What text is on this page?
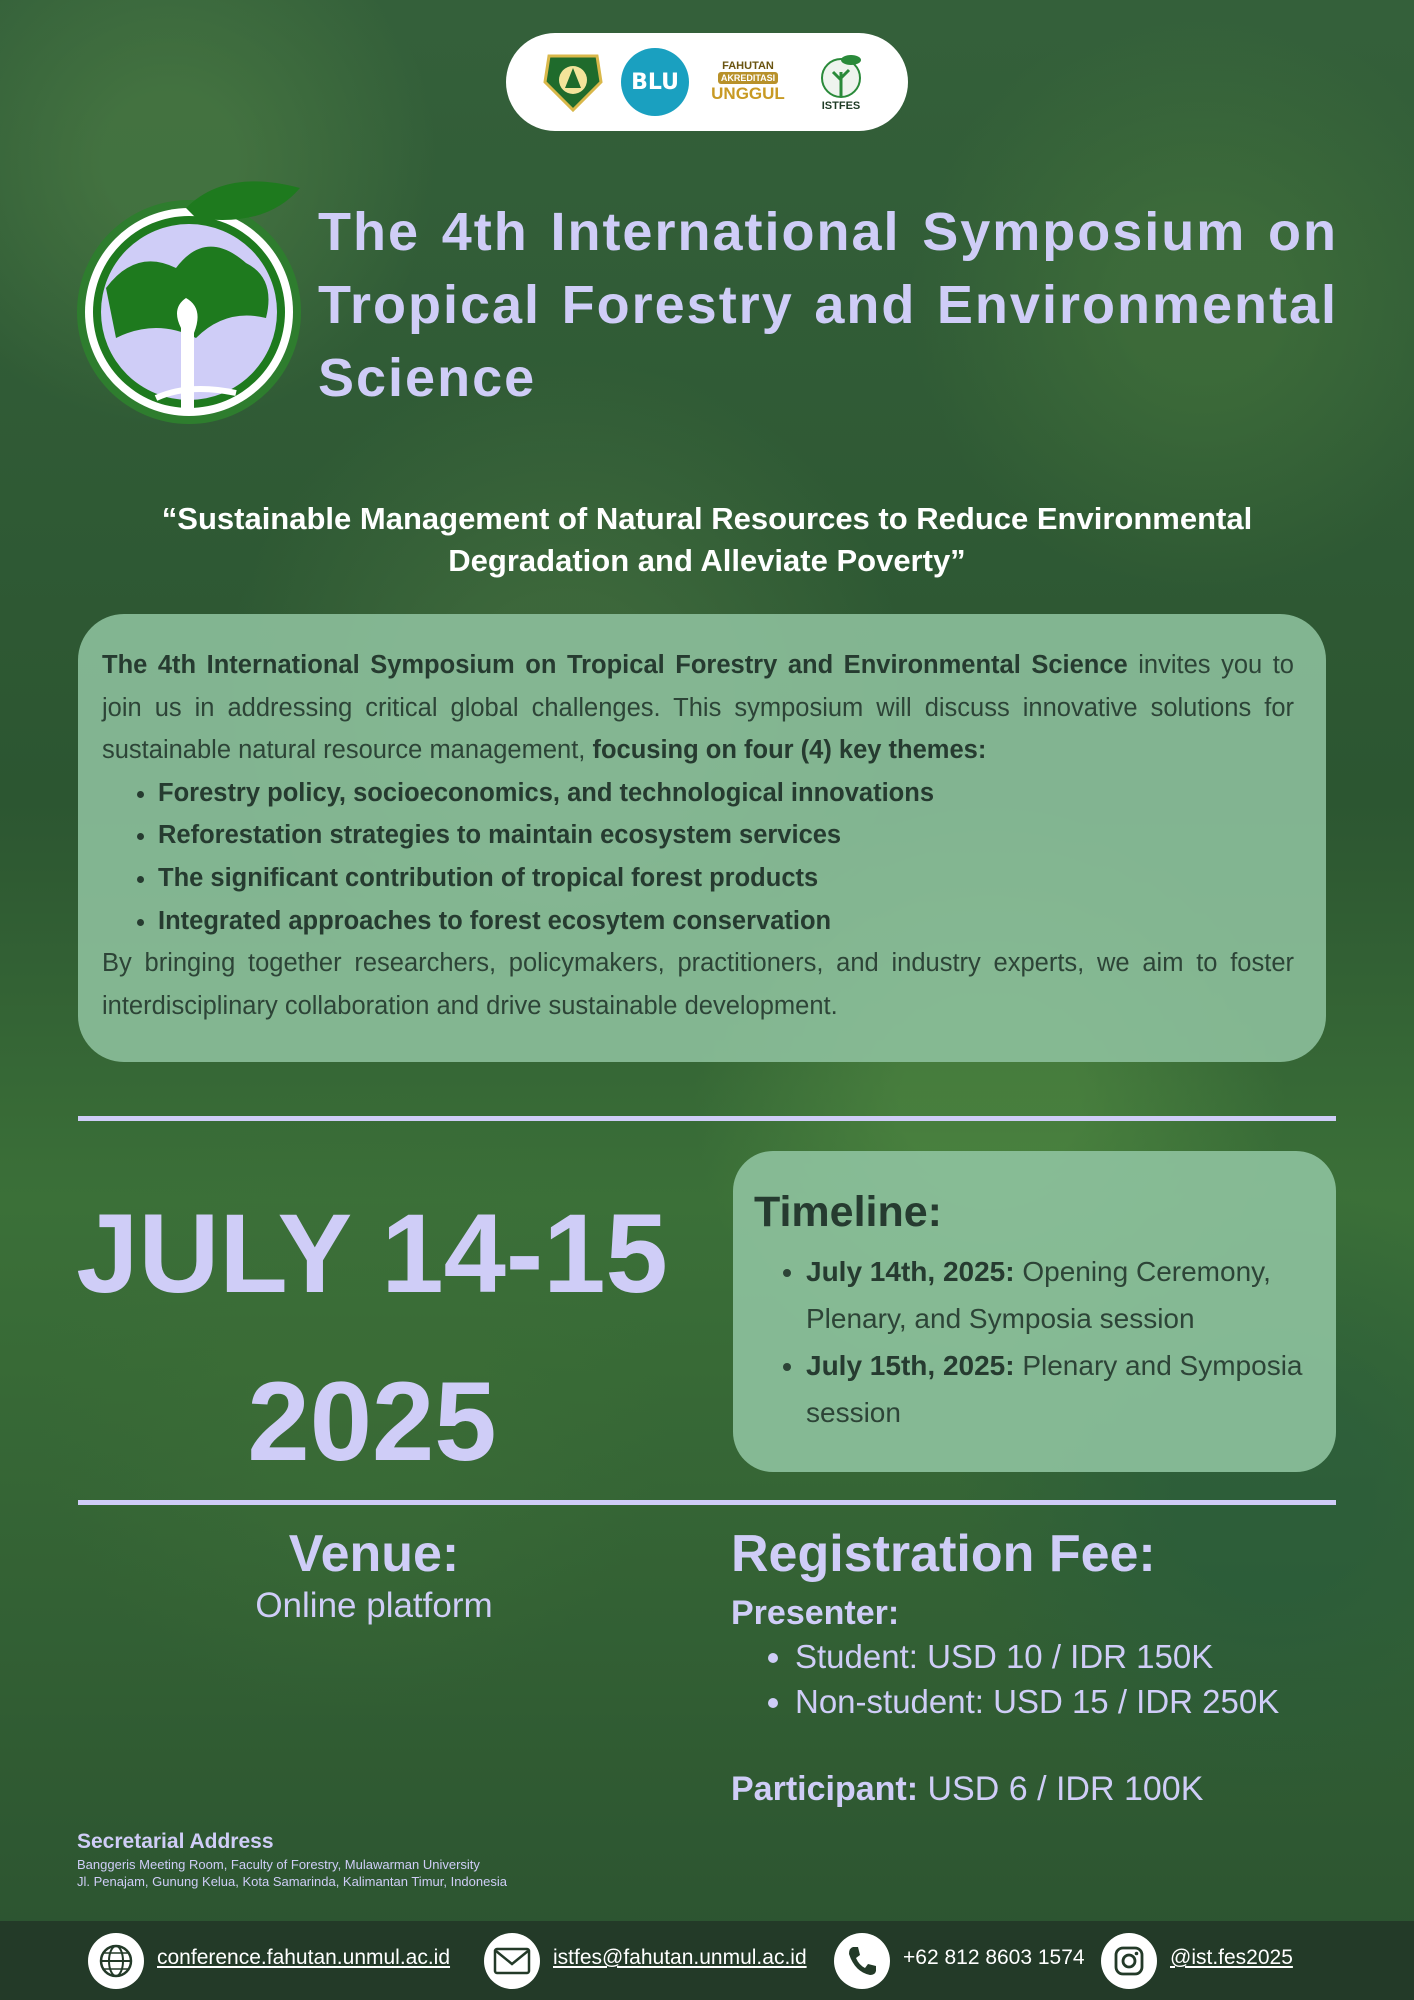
BLU
FAHUTAN
AKREDITASI
UNGGUL
ISTFES
The 4th International Symposium on Tropical Forestry and Environmental Science
“Sustainable Management of Natural Resources to Reduce Environmental Degradation and Alleviate Poverty”
The 4th International Symposium on Tropical Forestry and Environmental Science invites you to join us in addressing critical global challenges. This symposium will discuss innovative solutions for sustainable natural resource management, focusing on four (4) key themes:
• Forestry policy, socioeconomics, and technological innovations
• Reforestation strategies to maintain ecosystem services
• The significant contribution of tropical forest products
• Integrated approaches to forest ecosytem conservation
By bringing together researchers, policymakers, practitioners, and industry experts, we aim to foster interdisciplinary collaboration and drive sustainable development.
JULY 14-15
2025
Timeline:
• July 14th, 2025: Opening Ceremony, Plenary, and Symposia session
• July 15th, 2025: Plenary and Symposia session
Venue:
Online platform
Registration Fee:
Presenter:
• Student: USD 10 / IDR 150K
• Non-student: USD 15 / IDR 250K
Participant: USD 6 / IDR 100K
Secretarial Address
Banggeris Meeting Room, Faculty of Forestry, Mulawarman University
Jl. Penajam, Gunung Kelua, Kota Samarinda, Kalimantan Timur, Indonesia
conference.fahutan.unmul.ac.id	istfes@fahutan.unmul.ac.id	+62 812 8603 1574	@ist.fes2025
